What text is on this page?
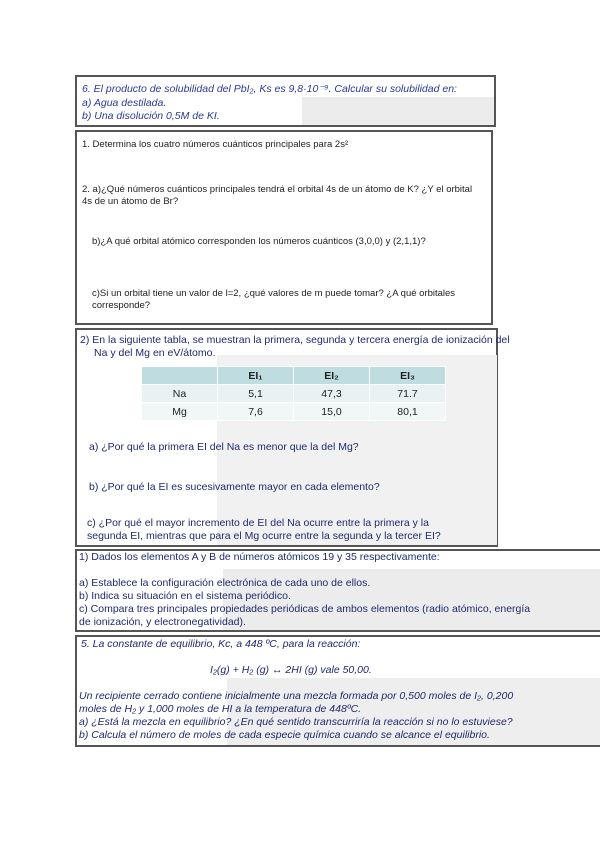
6. El producto de solubilidad del PbI₂, Ks es 9,8·10⁻⁹. Calcular su solubilidad en:
a) Agua destilada.
b) Una disolución 0,5M de KI.
1. Determina los cuatro números cuánticos principales para 2s²
2. a)¿Qué números cuánticos principales tendrá el orbital 4s de un átomo de K? ¿Y el orbital
4s de un átomo de Br?
b)¿A qué orbital atómico corresponden los números cuánticos (3,0,0) y (2,1,1)?
c)Si un orbital tiene un valor de l=2, ¿qué valores de m puede tomar? ¿A qué orbitales
corresponde?
2) En la siguiente tabla, se muestran la primera, segunda y tercera energía de ionización del
Na y del Mg en eV/átomo.
	EI₁	EI₂	EI₃
Na	5,1	47,3	71.7
Mg	7,6	15,0	80,1
a) ¿Por qué la primera EI del Na es menor que la del Mg?
b) ¿Por qué la EI es sucesivamente mayor en cada elemento?
c) ¿Por qué el mayor incremento de EI del Na ocurre entre la primera y la
segunda EI, mientras que para el Mg ocurre entre la segunda y la tercer EI?
1) Dados los elementos A y B de números atómicos 19 y 35 respectivamente:
a) Establece la configuración electrónica de cada uno de ellos.
b) Indica su situación en el sistema periódico.
c) Compara tres principales propiedades periódicas de ambos elementos (radio atómico, energía
de ionización, y electronegatividad).
5. La constante de equilibrio, Kc, a 448 ºC, para la reacción:
I₂(g) + H₂ (g) ↔ 2HI (g) vale 50,00.
Un recipiente cerrado contiene inicialmente una mezcla formada por 0,500 moles de I₂, 0,200
moles de H₂ y 1,000 moles de HI a la temperatura de 448ºC.
a) ¿Está la mezcla en equilibrio? ¿En qué sentido transcurriría la reacción si no lo estuviese?
b) Calcula el número de moles de cada especie química cuando se alcance el equilibrio.
